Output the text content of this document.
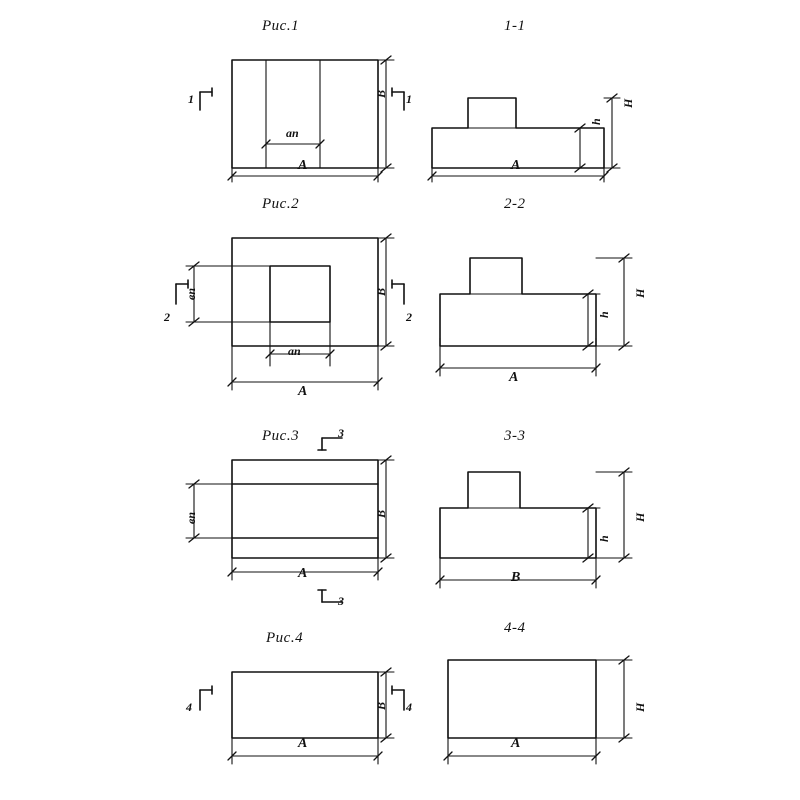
Рис.1	1-1
В
ап
А
1	1	Н
h
А
Рис.2	2-2
вп
2	2
В
ап
А
Н
h
А
Рис.3	3-3
вп	В
А
3
3
Н
h
В
Рис.4
4-4
В
А
4	4	Н
А
